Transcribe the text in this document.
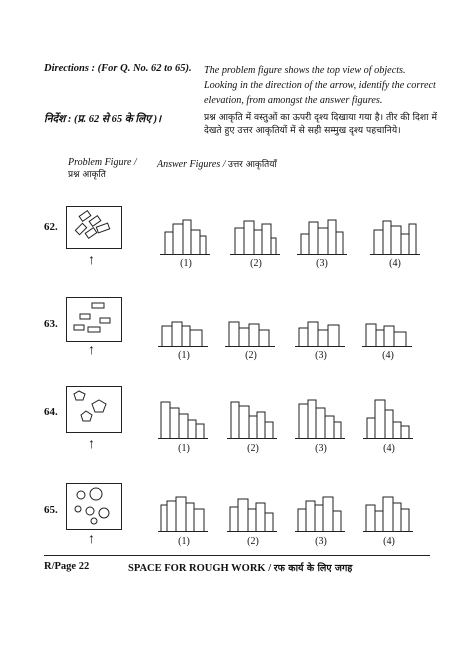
Directions : (For Q. No. 62 to 65). The problem figure shows the top view of objects. Looking in the direction of the arrow, identify the correct elevation, from amongst the answer figures.
निर्देश : (प्र. 62 से 65 के लिए )।	प्रश्न आकृति में वस्तुओं का ऊपरी दृश्य दिखाया गया है। तीर की दिशा में देखते हुए उत्तर आकृतियों में से सही सम्मुख दृश्य पहचानिये।
Problem Figure /
प्रश्न आकृति
Answer Figures / उत्तर आकृतियाँ
62.
↑	(1)	(2)	(3)	(4)
63.
↑	(1)	(2)	(3)	(4)
64.
↑	(1)	(2)	(3)	(4)
65.
↑	(1)	(2)	(3)	(4)
R/Page 22	SPACE FOR ROUGH WORK / रफ कार्य के लिए जगह
